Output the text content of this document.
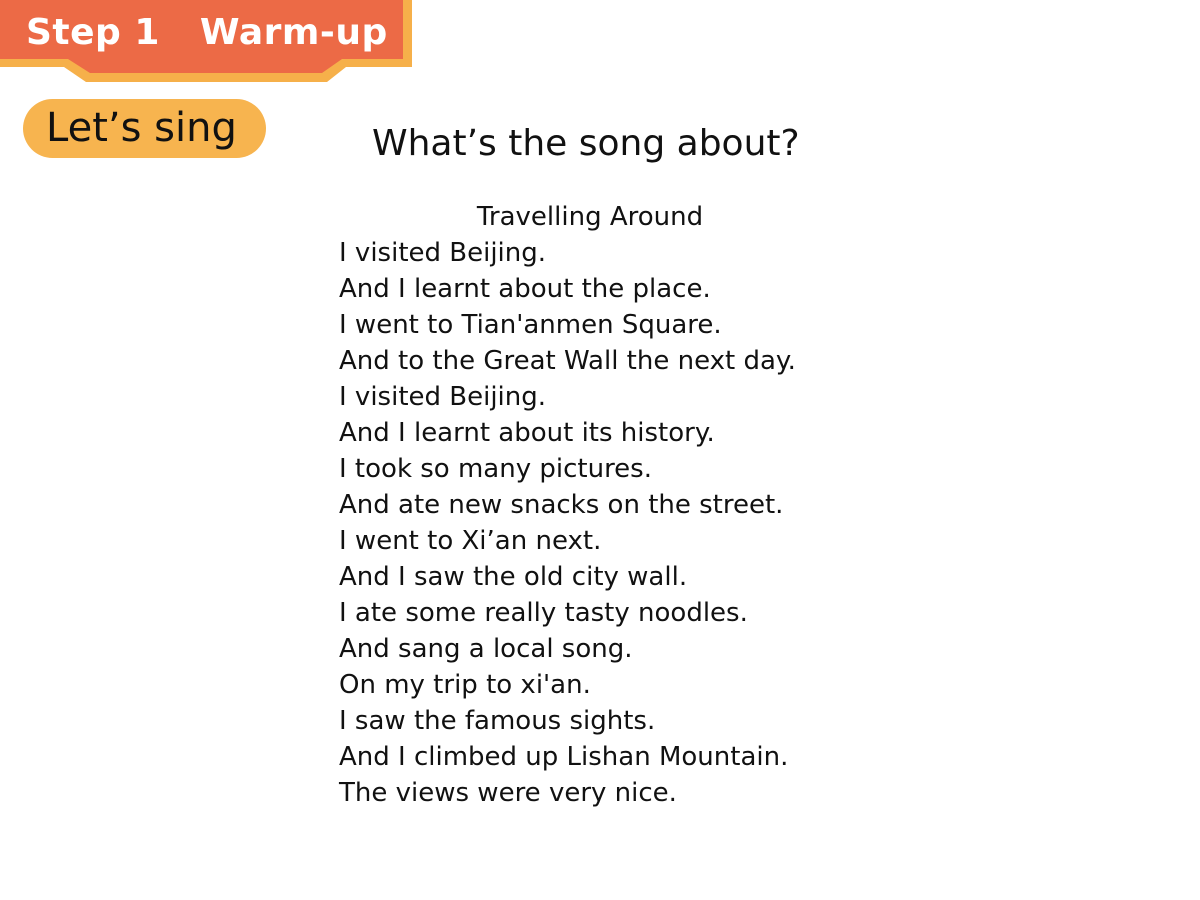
Step 1 Warm-up
Let’s sing	What’s the song about?
Travelling Around
I visited Beijing.
And I learnt about the place.
I went to Tian'anmen Square.
And to the Great Wall the next day.
I visited Beijing.
And I learnt about its history.
I took so many pictures.
And ate new snacks on the street.
I went to Xi’an next.
And I saw the old city wall.
I ate some really tasty noodles.
And sang a local song.
On my trip to xi'an.
I saw the famous sights.
And I climbed up Lishan Mountain.
The views were very nice.
